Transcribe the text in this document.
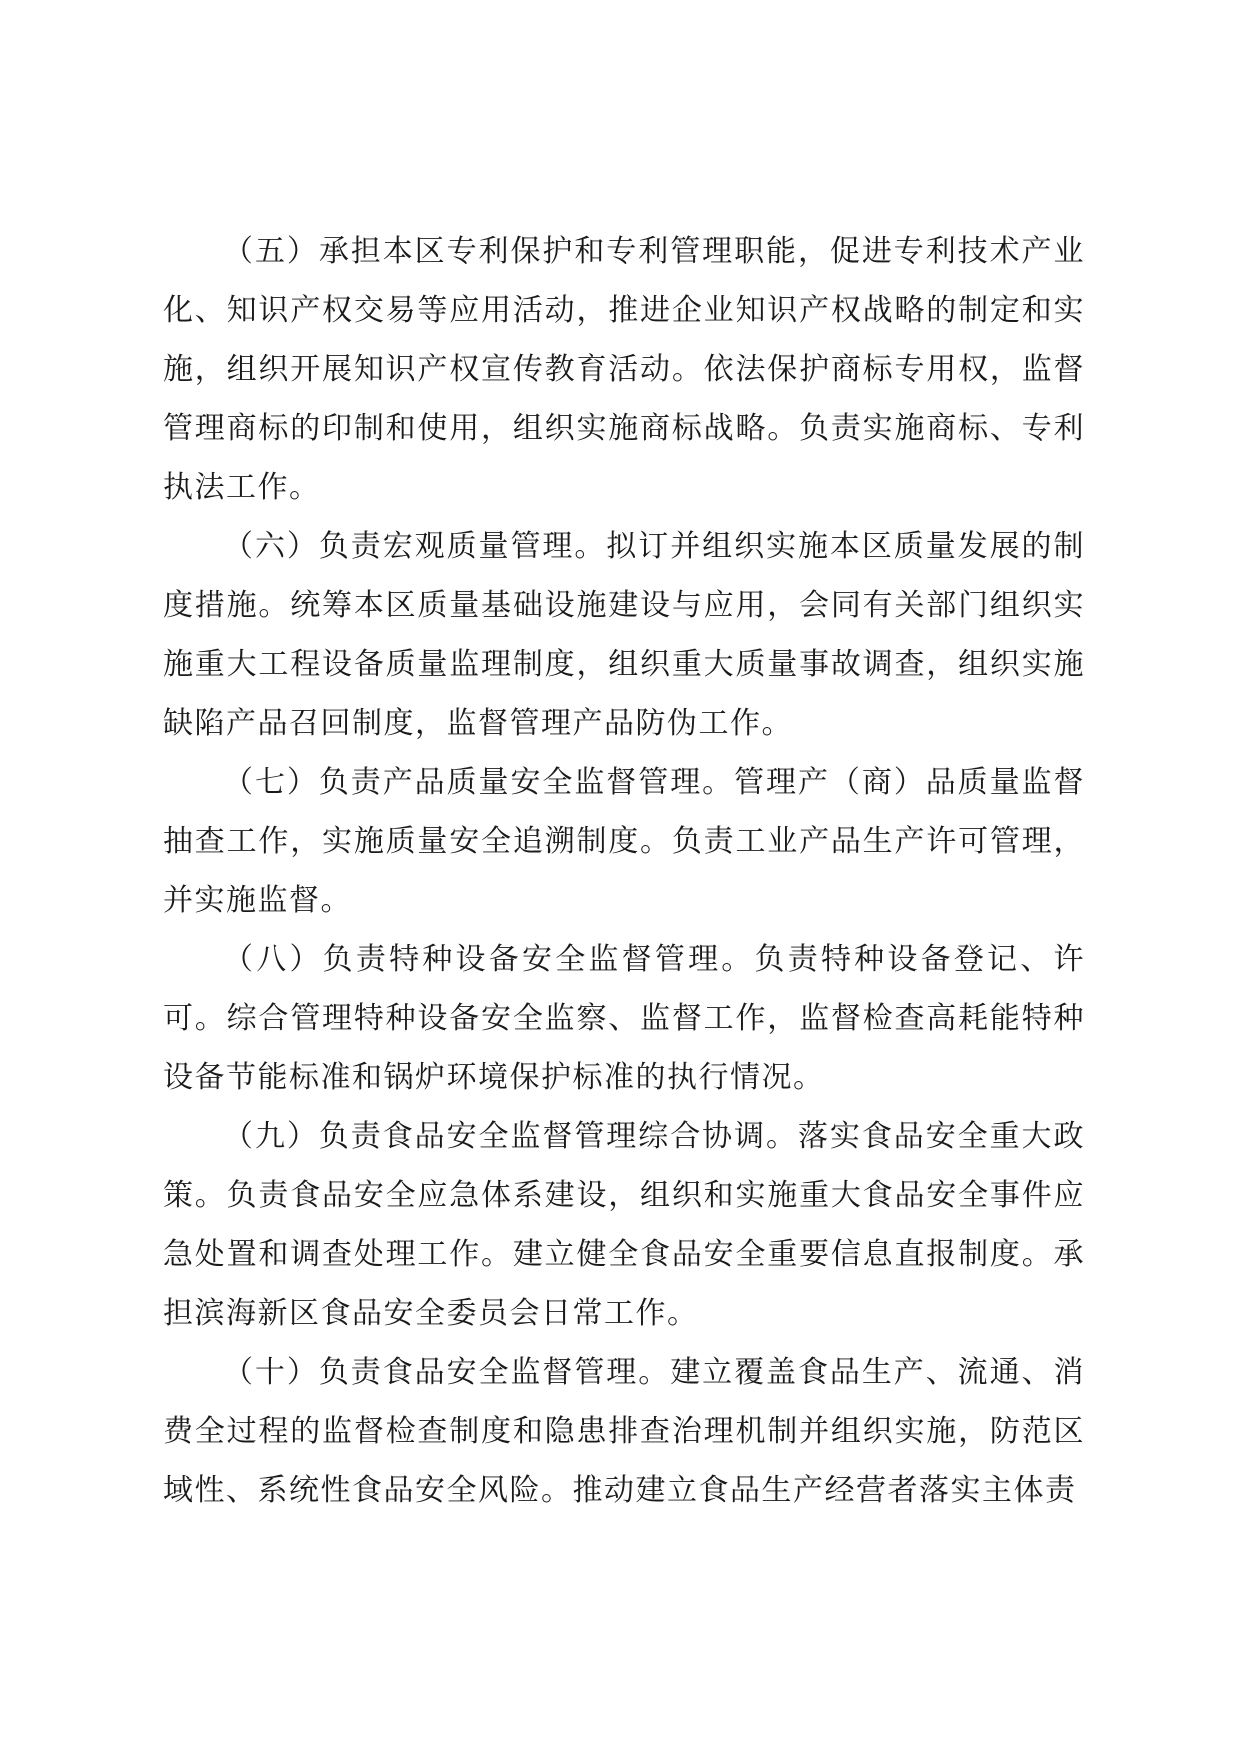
（五）承担本区专利保护和专利管理职能，促进专利技术产业化、知识产权交易等应用活动，推进企业知识产权战略的制定和实施，组织开展知识产权宣传教育活动。依法保护商标专用权，监督管理商标的印制和使用，组织实施商标战略。负责实施商标、专利执法工作。

（六）负责宏观质量管理。拟订并组织实施本区质量发展的制度措施。统筹本区质量基础设施建设与应用，会同有关部门组织实施重大工程设备质量监理制度，组织重大质量事故调查，组织实施缺陷产品召回制度，监督管理产品防伪工作。

（七）负责产品质量安全监督管理。管理产（商）品质量监督抽查工作，实施质量安全追溯制度。负责工业产品生产许可管理，并实施监督。

（八）负责特种设备安全监督管理。负责特种设备登记、许可。综合管理特种设备安全监察、监督工作，监督检查高耗能特种设备节能标准和锅炉环境保护标准的执行情况。

（九）负责食品安全监督管理综合协调。落实食品安全重大政策。负责食品安全应急体系建设，组织和实施重大食品安全事件应急处置和调查处理工作。建立健全食品安全重要信息直报制度。承担滨海新区食品安全委员会日常工作。

（十）负责食品安全监督管理。建立覆盖食品生产、流通、消费全过程的监督检查制度和隐患排查治理机制并组织实施，防范区域性、系统性食品安全风险。推动建立食品生产经营者落实主体责
